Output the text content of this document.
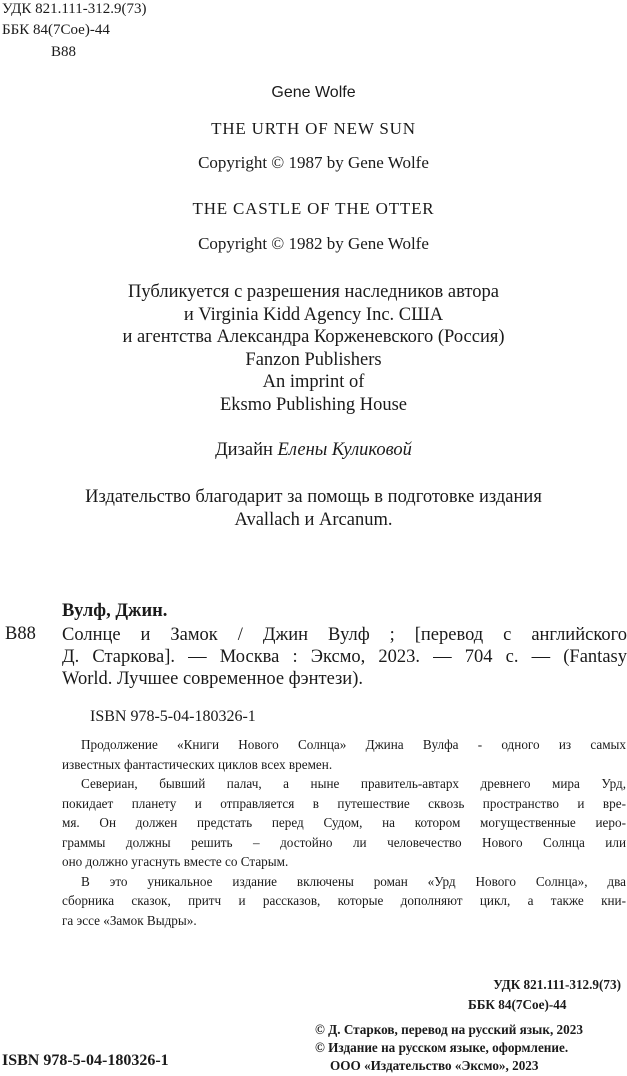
УДК 821.111-312.9(73)
ББК 84(7Сое)-44
В88
Gene Wolfe
THE URTH OF NEW SUN
Copyright © 1987 by Gene Wolfe
THE CASTLE OF THE OTTER
Copyright © 1982 by Gene Wolfe
Публикуется с разрешения наследников автора
и Virginia Kidd Agency Inc. США
и агентства Александра Корженевского (Россия)
Fanzon Publishers
An imprint of
Eksmo Publishing House
Дизайн Елены Куликовой
Издательство благодарит за помощь в подготовке издания
Avallach и Arcanum.
Вулф, Джин.
В88 Солнце и Замок / Джин Вулф ; [перевод с английского
Д. Старкова]. — Москва : Эксмо, 2023. — 704 с. — (Fantasy
World. Лучшее современное фэнтези).
ISBN 978-5-04-180326-1

Продолжение «Книги Нового Солнца» Джина Вулфа - одного из самых
известных фантастических циклов всех времен.

Севериан, бывший палач, а ныне правитель-автарх древнего мира Урд,
покидает планету и отправляется в путешествие сквозь пространство и вре-
мя. Он должен предстать перед Судом, на котором могущественные иеро-
граммы должны решить – достойно ли человечество Нового Солнца или
оно должно угаснуть вместе со Старым.

В это уникальное издание включены роман «Урд Нового Солнца», два
сборника сказок, притч и рассказов, которые дополняют цикл, а также кни-
га эссе «Замок Выдры».

УДК 821.111-312.9(73)
ББК 84(7Сое)-44
© Д. Старков, перевод на русский язык, 2023
© Издание на русском языке, оформление.
ООО «Издательство «Эксмо», 2023
ISBN 978-5-04-180326-1
